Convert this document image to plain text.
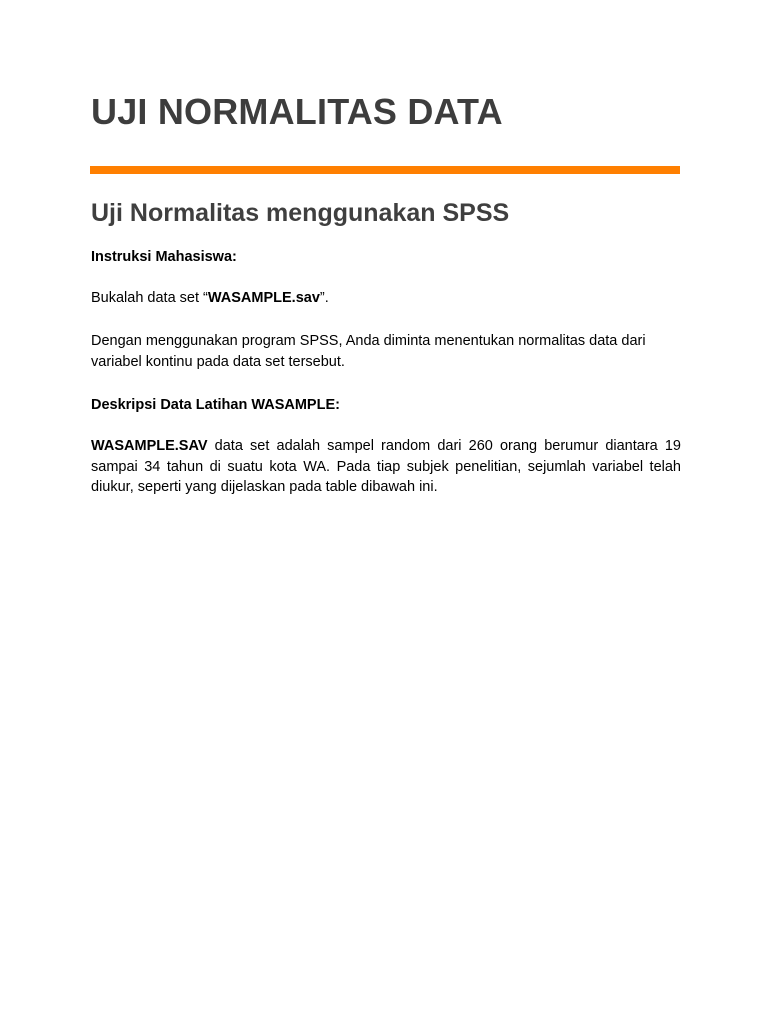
UJI NORMALITAS DATA
Uji Normalitas menggunakan SPSS

Instruksi Mahasiswa:

Bukalah data set “WASAMPLE.sav”.

Dengan menggunakan program SPSS, Anda diminta menentukan normalitas data dari variabel kontinu pada data set tersebut.

Deskripsi Data Latihan WASAMPLE:

WASAMPLE.SAV data set adalah sampel random dari 260 orang berumur diantara 19 sampai 34 tahun di suatu kota WA. Pada tiap subjek penelitian, sejumlah variabel telah diukur, seperti yang dijelaskan pada table dibawah ini.
